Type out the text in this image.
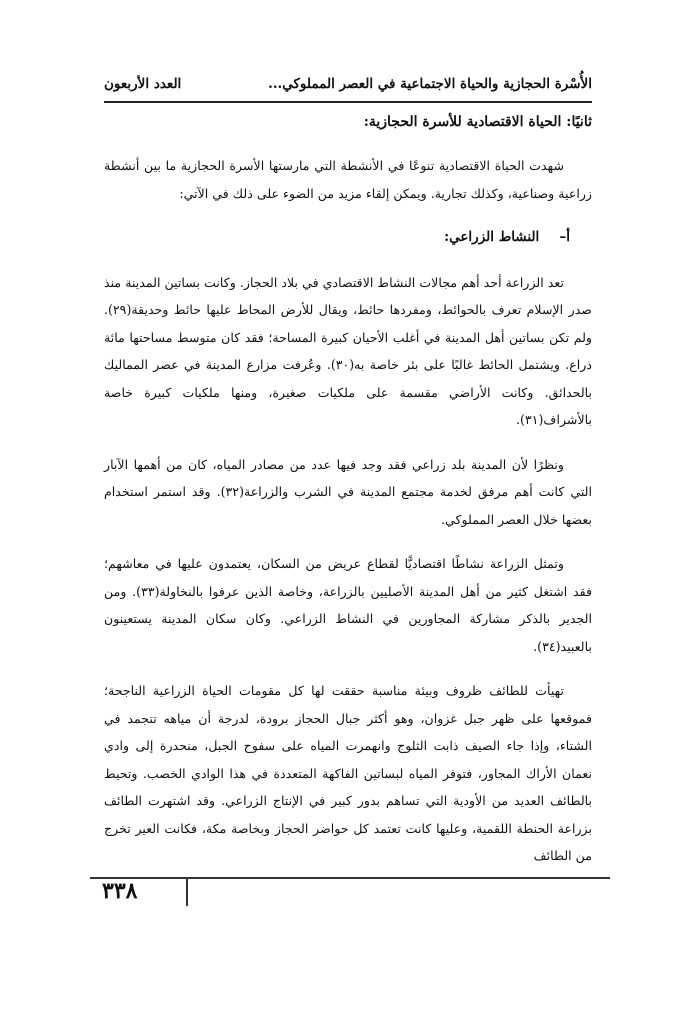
الأُسْرة الحجازية والحياة الاجتماعية في العصر المملوكي...
العدد الأربعون
ثانيًا: الحياة الاقتصادية للأسرة الحجازية:

شهدت الحياة الاقتصادية تنوعًا في الأنشطة التي مارستها الأسرة الحجازية ما بين أنشطة زراعية وصناعية، وكذلك تجارية. ويمكن إلقاء مزيد من الضوء على ذلك في الآتي:

أ– النشاط الزراعي:

تعد الزراعة أحد أهم مجالات النشاط الاقتصادي في بلاد الحجاز. وكانت بساتين المدينة منذ صدر الإسلام تعرف بالحوائط، ومفردها حائط، ويقال للأرض المحاط عليها حائط وحديقة(٢٩). ولم تكن بساتين أهل المدينة في أغلب الأحيان كبيرة المساحة؛ فقد كان متوسط مساحتها مائة ذراع. ويشتمل الحائط غالبًا على بئر خاصة به(٣٠). وعُرفت مزارع المدينة في عصر المماليك بالحدائق. وكانت الأراضي مقسمة على ملكيات صغيرة، ومنها ملكيات كبيرة خاصة بالأشراف(٣١).

ونظرًا لأن المدينة بلد زراعي فقد وجد فيها عدد من مصادر المياه، كان من أهمها الآبار التي كانت أهم مرفق لخدمة مجتمع المدينة في الشرب والزراعة(٣٢). وقد استمر استخدام بعضها خلال العصر المملوكي.

وتمثل الزراعة نشاطًا اقتصاديًّا لقطاع عريض من السكان، يعتمدون عليها في معاشهم؛ فقد اشتغل كثير من أهل المدينة الأصليين بالزراعة، وخاصة الذين عرفوا بالنخاولة(٣٣). ومن الجدير بالذكر مشاركة المجاورين في النشاط الزراعي. وكان سكان المدينة يستعينون بالعبيد(٣٤).

تهيأت للطائف ظروف وبيئة مناسبة حققت لها كل مقومات الحياة الزراعية الناجحة؛ فموقعها على ظهر جبل غزوان، وهو أكثر جبال الحجاز برودة، لدرجة أن مياهه تتجمد في الشتاء، وإذا جاء الصيف ذابت الثلوج وانهمرت المياه على سفوح الجبل، منحدرة إلى وادي نعمان الأراك المجاور، فتوفر المياه لبساتين الفاكهة المتعددة في هذا الوادي الخصب. وتحيط بالطائف العديد من الأودية التي تساهم بدور كبير في الإنتاج الزراعي. وقد اشتهرت الطائف بزراعة الحنطة اللقمية، وعليها كانت تعتمد كل حواضر الحجاز وبخاصة مكة، فكانت العير تخرج من الطائف

٣٣٨
